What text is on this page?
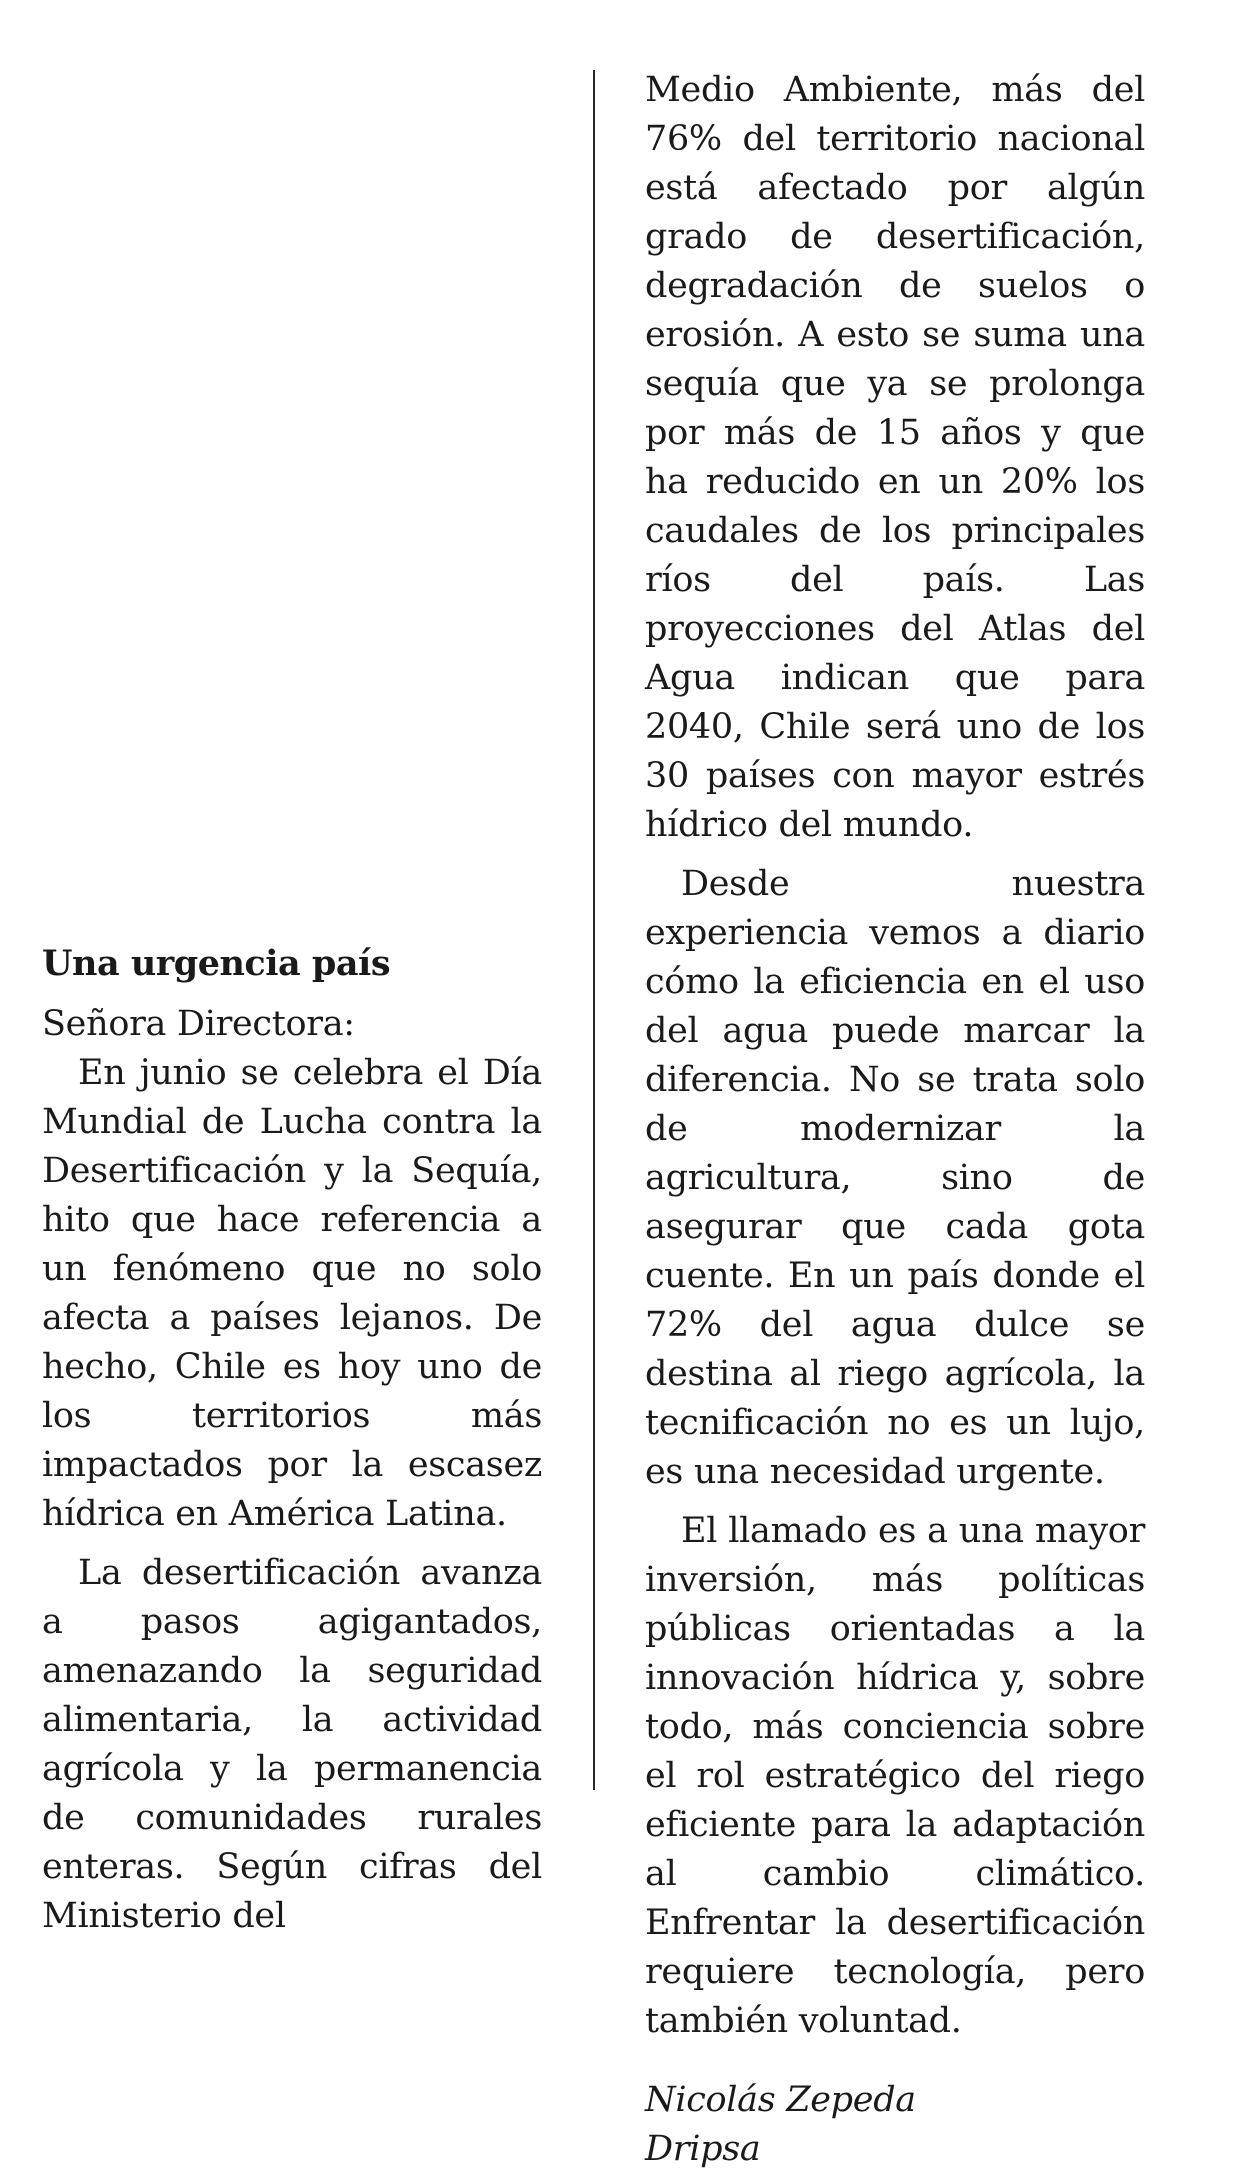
Una urgencia país

Señora Directora:

En junio se celebra el Día Mundial de Lucha contra la Desertificación y la Sequía, hito que hace referencia a un fenómeno que no solo afecta a países lejanos. De hecho, Chile es hoy uno de los territorios más impactados por la escasez hídrica en América Latina.

La desertificación avanza a pasos agigantados, amenazando la seguridad alimentaria, la actividad agrícola y la permanencia de comunidades rurales enteras. Según cifras del Ministerio del

Medio Ambiente, más del 76% del territorio nacional está afectado por algún grado de desertificación, degradación de suelos o erosión. A esto se suma una sequía que ya se prolonga por más de 15 años y que ha reducido en un 20% los caudales de los principales ríos del país. Las proyecciones del Atlas del Agua indican que para 2040, Chile será uno de los 30 países con mayor estrés hídrico del mundo.

Desde nuestra experiencia vemos a diario cómo la eficiencia en el uso del agua puede marcar la diferencia. No se trata solo de modernizar la agricultura, sino de asegurar que cada gota cuente. En un país donde el 72% del agua dulce se destina al riego agrícola, la tecnificación no es un lujo, es una necesidad urgente.

El llamado es a una mayor inversión, más políticas públicas orientadas a la innovación hídrica y, sobre todo, más conciencia sobre el rol estratégico del riego eficiente para la adaptación al cambio climático. Enfrentar la desertificación requiere tecnología, pero también voluntad.

Nicolás Zepeda

Dripsa
